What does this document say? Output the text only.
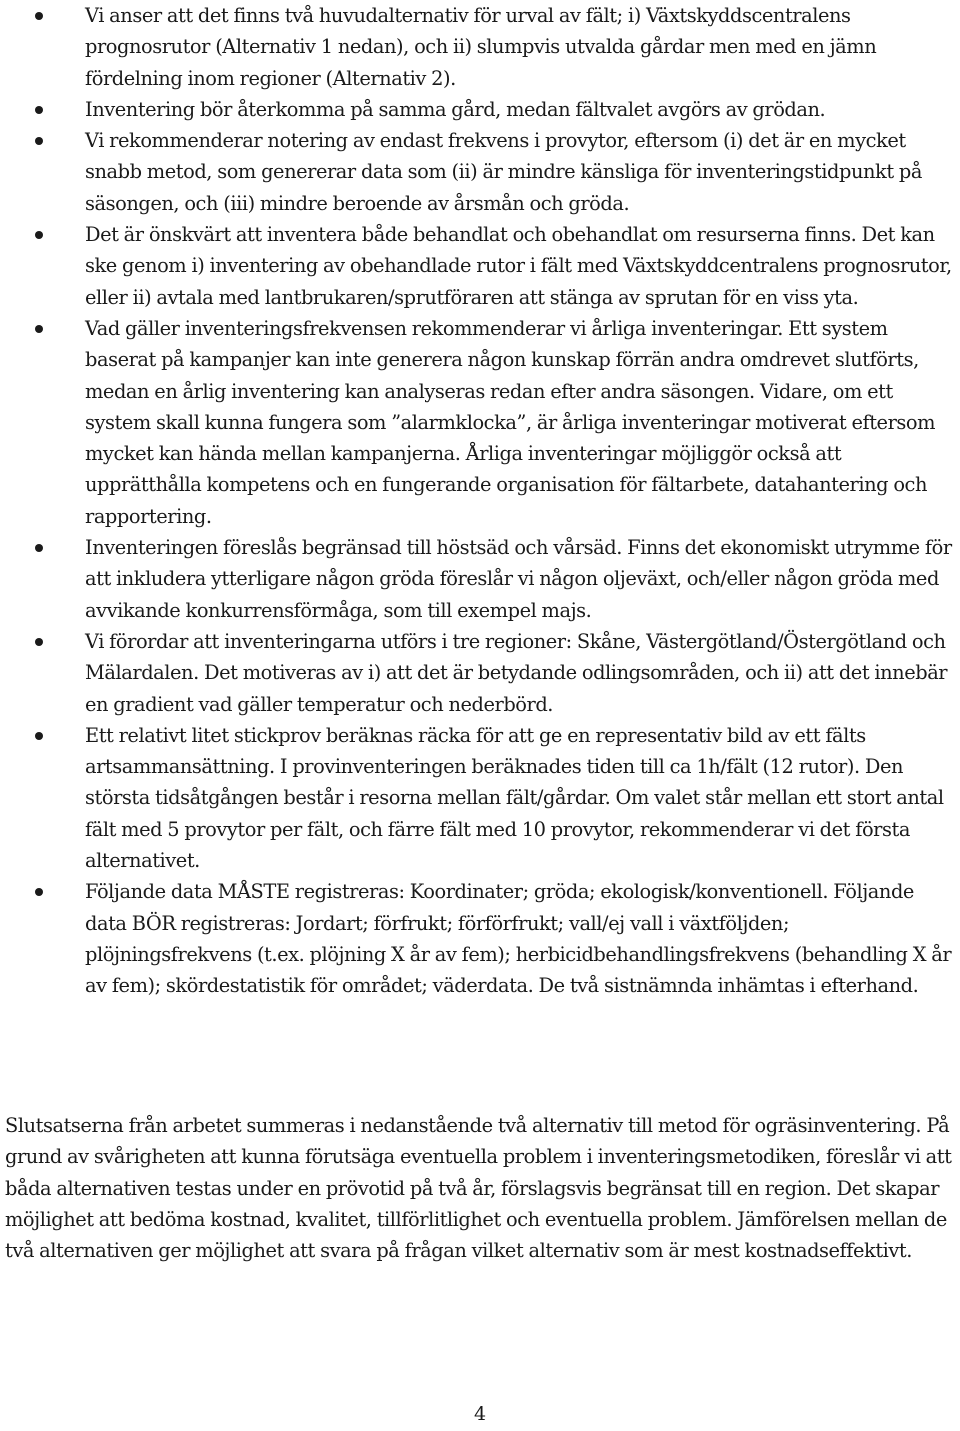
Vi anser att det finns två huvudalternativ för urval av fält; i) Växtskyddscentralens prognosrutor (Alternativ 1 nedan), och ii) slumpvis utvalda gårdar men med en jämn fördelning inom regioner (Alternativ 2).
Inventering bör återkomma på samma gård, medan fältvalet avgörs av grödan.
Vi rekommenderar notering av endast frekvens i provytor, eftersom (i) det är en mycket snabb metod, som genererar data som (ii) är mindre känsliga för inventeringstidpunkt på säsongen, och (iii) mindre beroende av årsmån och gröda.
Det är önskvärt att inventera både behandlat och obehandlat om resurserna finns. Det kan ske genom i) inventering av obehandlade rutor i fält med Växtskyddcentralens prognosrutor, eller ii) avtala med lantbrukaren/sprutföraren att stänga av sprutan för en viss yta.
Vad gäller inventeringsfrekvensen rekommenderar vi årliga inventeringar. Ett system baserat på kampanjer kan inte generera någon kunskap förrän andra omdrevet slutförts, medan en årlig inventering kan analyseras redan efter andra säsongen. Vidare, om ett system skall kunna fungera som ”alarmklocka”, är årliga inventeringar motiverat eftersom mycket kan hända mellan kampanjerna. Årliga inventeringar möjliggör också att upprätthålla kompetens och en fungerande organisation för fältarbete, datahantering och rapportering.
Inventeringen föreslås begränsad till höstsäd och vårsäd. Finns det ekonomiskt utrymme för att inkludera ytterligare någon gröda föreslår vi någon oljeväxt, och/eller någon gröda med avvikande konkurrensförmåga, som till exempel majs.
Vi förordar att inventeringarna utförs i tre regioner: Skåne, Västergötland/Östergötland och Mälardalen. Det motiveras av i) att det är betydande odlingsområden, och ii) att det innebär en gradient vad gäller temperatur och nederbörd.
Ett relativt litet stickprov beräknas räcka för att ge en representativ bild av ett fälts artsammansättning. I provinventeringen beräknades tiden till ca 1h/fält (12 rutor). Den största tidsåtgången består i resorna mellan fält/gårdar. Om valet står mellan ett stort antal fält med 5 provytor per fält, och färre fält med 10 provytor, rekommenderar vi det första alternativet.
Följande data MÅSTE registreras: Koordinater; gröda; ekologisk/konventionell. Följande data BÖR registreras: Jordart; förfrukt; förförfrukt; vall/ej vall i växtföljden; plöjningsfrekvens (t.ex. plöjning X år av fem); herbicidbehandlingsfrekvens (behandling X år av fem); skördestatistik för området; väderdata. De två sistnämnda inhämtas i efterhand.

Slutsatserna från arbetet summeras i nedanstående två alternativ till metod för ogräsinventering. På grund av svårigheten att kunna förutsäga eventuella problem i inventeringsmetodiken, föreslår vi att båda alternativen testas under en prövotid på två år, förslagsvis begränsat till en region. Det skapar möjlighet att bedöma kostnad, kvalitet, tillförlitlighet och eventuella problem. Jämförelsen mellan de två alternativen ger möjlighet att svara på frågan vilket alternativ som är mest kostnadseffektivt.

4
